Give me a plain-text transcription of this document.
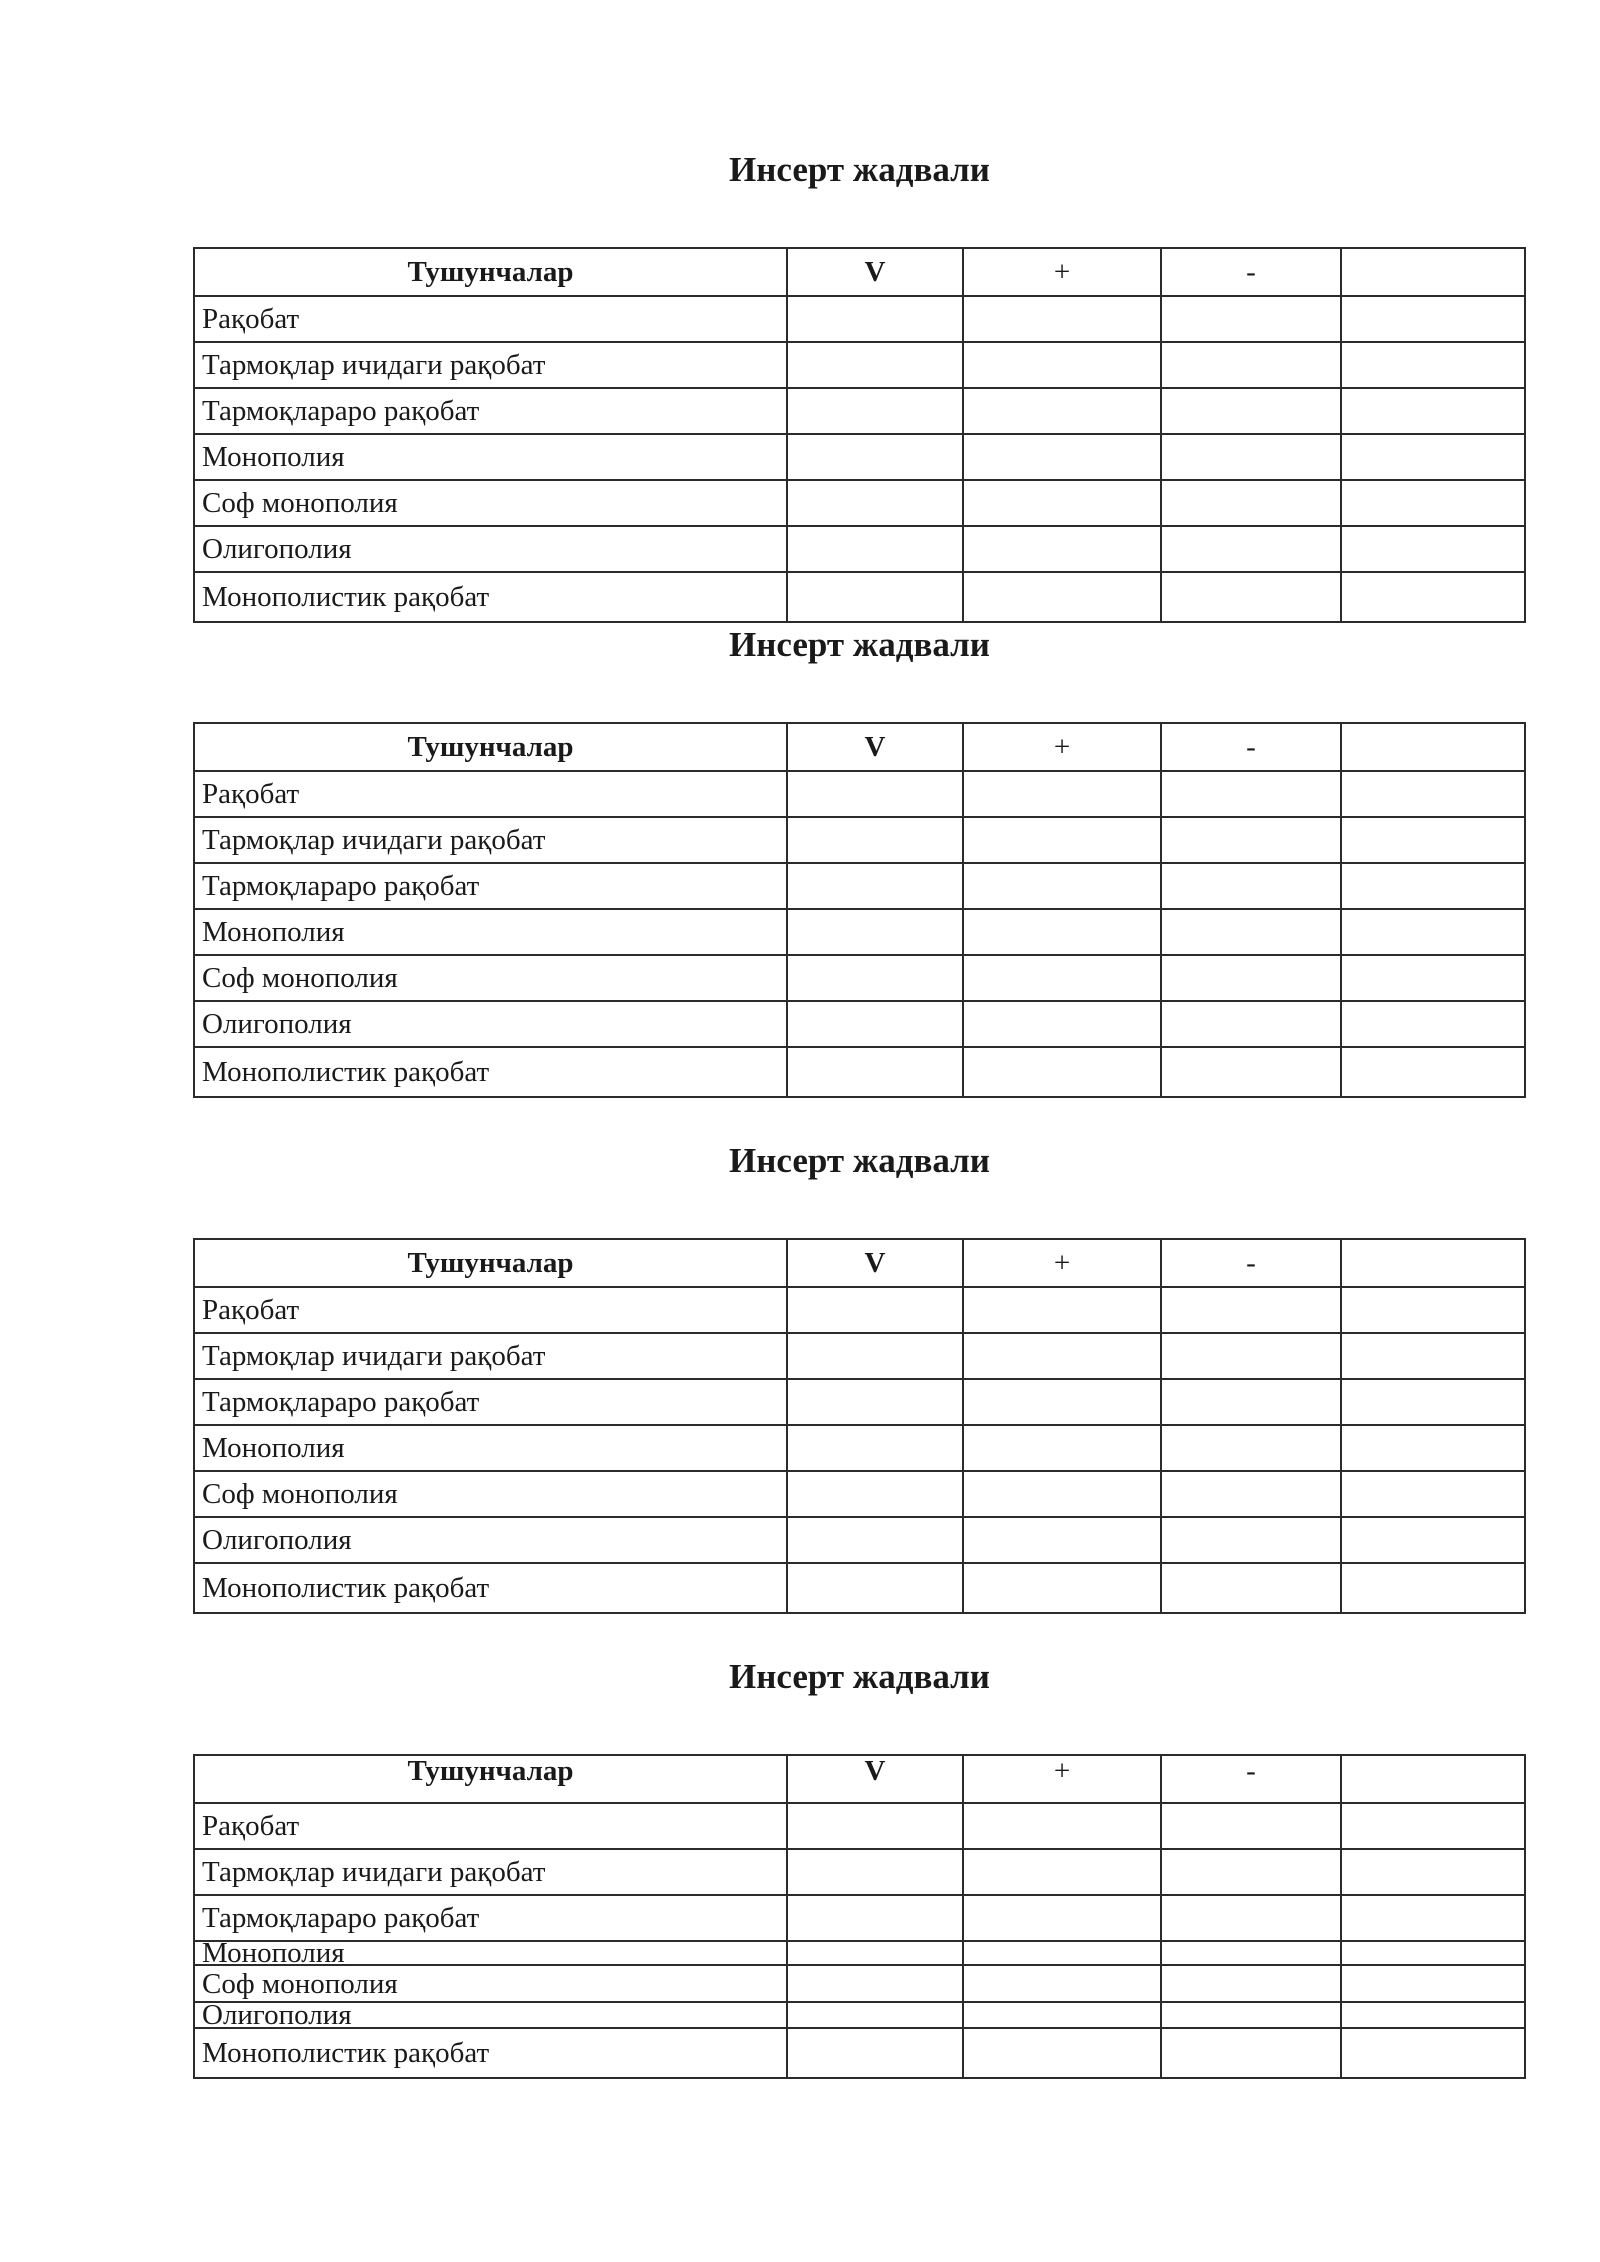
Инсерт жадвали
Тушунчалар	V	+	-	
Рақобат				
Тармоқлар ичидаги рақобат				
Тармоқлараро рақобат				
Монополия				
Соф монополия				
Олигополия				
Монополистик рақобат				
Инсерт жадвали
Тушунчалар	V	+	-	
Рақобат				
Тармоқлар ичидаги рақобат				
Тармоқлараро рақобат				
Монополия				
Соф монополия				
Олигополия				
Монополистик рақобат				
Инсерт жадвали
Тушунчалар	V	+	-	
Рақобат				
Тармоқлар ичидаги рақобат				
Тармоқлараро рақобат				
Монополия				
Соф монополия				
Олигополия				
Монополистик рақобат				
Инсерт жадвали
Тушунчалар	V	+	-	
Рақобат				
Тармоқлар ичидаги рақобат				
Тармоқлараро рақобат				
Монополия				
Соф монополия				
Олигополия				
Монополистик рақобат				
